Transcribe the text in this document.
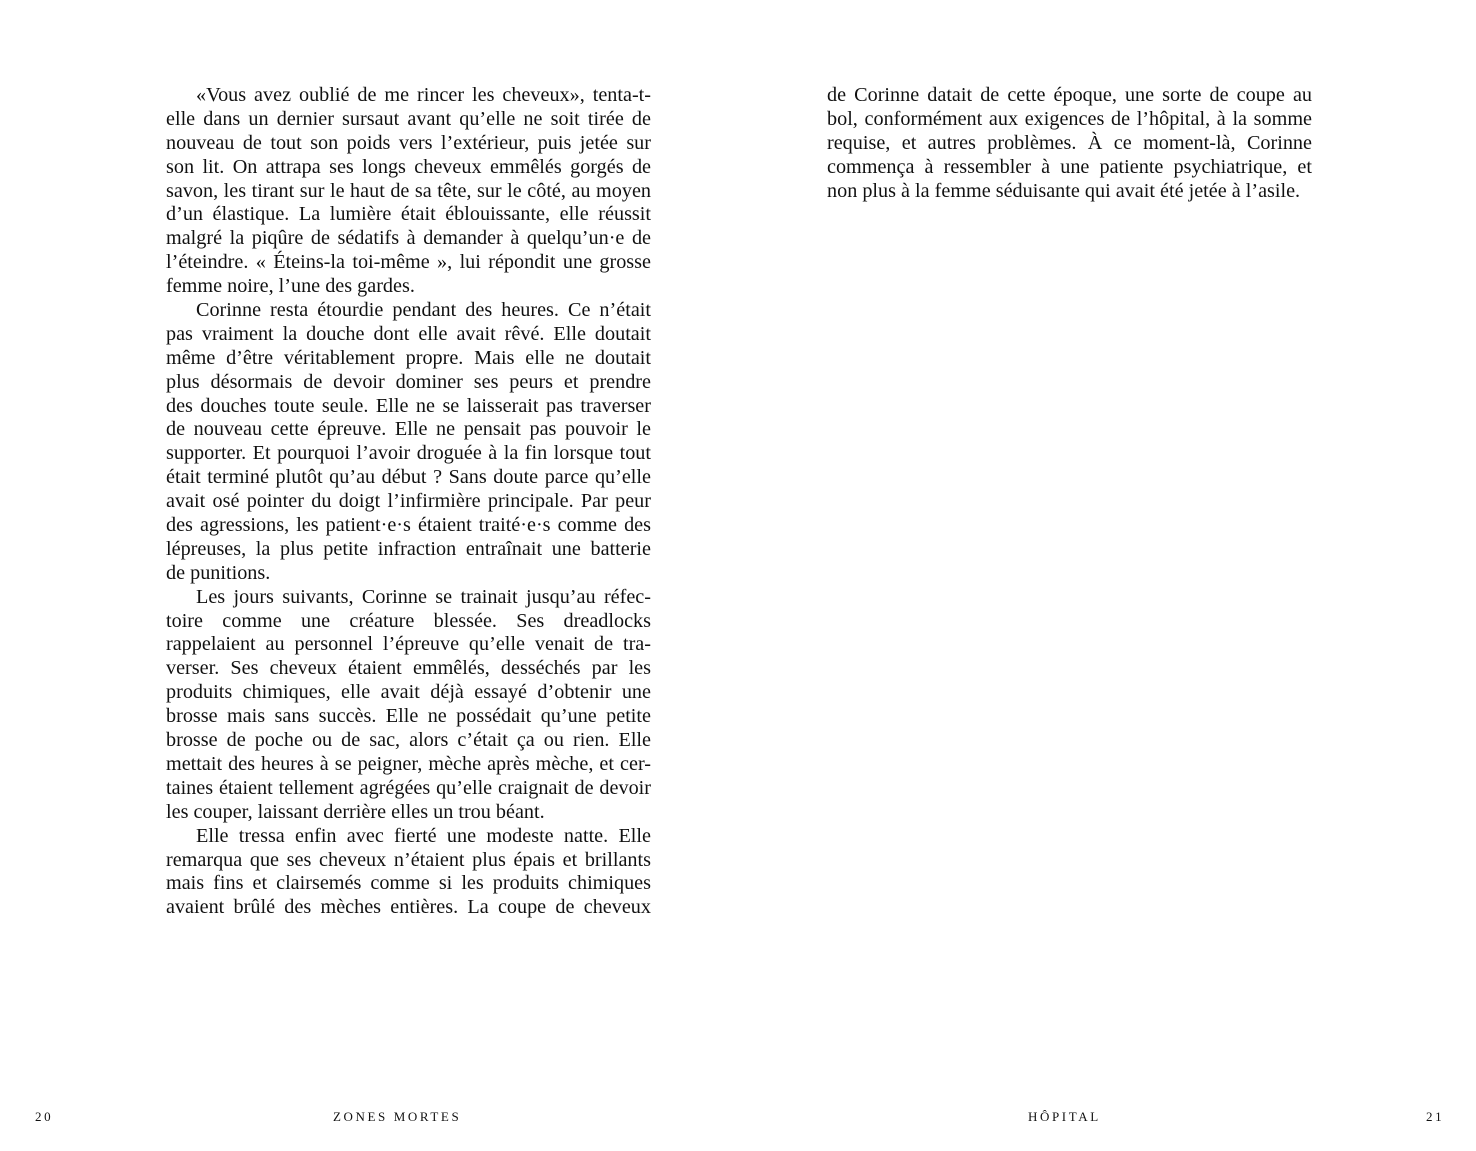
«Vous avez oublié de me rincer les cheveux», tenta-t-
elle dans un dernier sursaut avant qu’elle ne soit tirée de
nouveau de tout son poids vers l’extérieur, puis jetée sur
son lit. On attrapa ses longs cheveux emmêlés gorgés de
savon, les tirant sur le haut de sa tête, sur le côté, au moyen
d’un élastique. La lumière était éblouissante, elle réussit
malgré la piqûre de sédatifs à demander à quelqu’un·e de
l’éteindre. « Éteins-la toi-même », lui répondit une grosse
femme noire, l’une des gardes.
Corinne resta étourdie pendant des heures. Ce n’était
pas vraiment la douche dont elle avait rêvé. Elle doutait
même d’être véritablement propre. Mais elle ne doutait
plus désormais de devoir dominer ses peurs et prendre
des douches toute seule. Elle ne se laisserait pas traverser
de nouveau cette épreuve. Elle ne pensait pas pouvoir le
supporter. Et pourquoi l’avoir droguée à la fin lorsque tout
était terminé plutôt qu’au début ? Sans doute parce qu’elle
avait osé pointer du doigt l’infirmière principale. Par peur
des agressions, les patient·e·s étaient traité·e·s comme des
lépreuses, la plus petite infraction entraînait une batterie
de punitions.
Les jours suivants, Corinne se trainait jusqu’au réfec-
toire comme une créature blessée. Ses dreadlocks
rappelaient au personnel l’épreuve qu’elle venait de tra-
verser. Ses cheveux étaient emmêlés, desséchés par les
produits chimiques, elle avait déjà essayé d’obtenir une
brosse mais sans succès. Elle ne possédait qu’une petite
brosse de poche ou de sac, alors c’était ça ou rien. Elle
mettait des heures à se peigner, mèche après mèche, et cer-
taines étaient tellement agrégées qu’elle craignait de devoir
les couper, laissant derrière elles un trou béant.
Elle tressa enfin avec fierté une modeste natte. Elle
remarqua que ses cheveux n’étaient plus épais et brillants
mais fins et clairsemés comme si les produits chimiques
avaient brûlé des mèches entières. La coupe de cheveux
20	ZONES MORTES
de Corinne datait de cette époque, une sorte de coupe au
bol, conformément aux exigences de l’hôpital, à la somme
requise, et autres problèmes. À ce moment-là, Corinne
commença à ressembler à une patiente psychiatrique, et
non plus à la femme séduisante qui avait été jetée à l’asile.
HÔPITAL	21
